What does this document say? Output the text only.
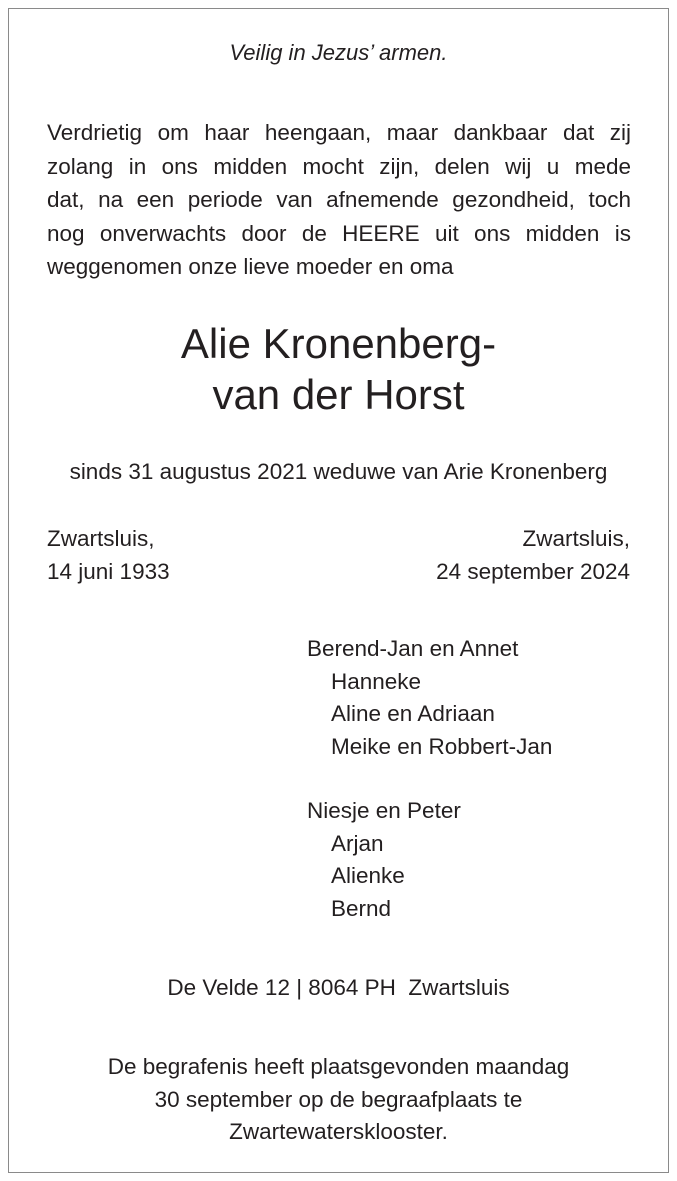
Veilig in Jezus’ armen.

Verdrietig om haar heengaan, maar dankbaar dat zij
zolang in ons midden mocht zijn, delen wij u mede
dat, na een periode van afnemende gezondheid, toch
nog onverwachts door de HEERE uit ons midden is
weggenomen onze lieve moeder en oma
Alie Kronenberg-
van der Horst

sinds 31 augustus 2021 weduwe van Arie Kronenberg

Zwartsluis,
14 juni 1933
Zwartsluis,
24 september 2024
Berend-Jan en Annet
Hanneke
Aline en Adriaan
Meike en Robbert-Jan
Niesje en Peter
Arjan
Alienke
Bernd

De Velde 12 | 8064 PH  Zwartsluis

De begrafenis heeft plaatsgevonden maandag
30 september op de begraafplaats te
Zwartewatersklooster.
